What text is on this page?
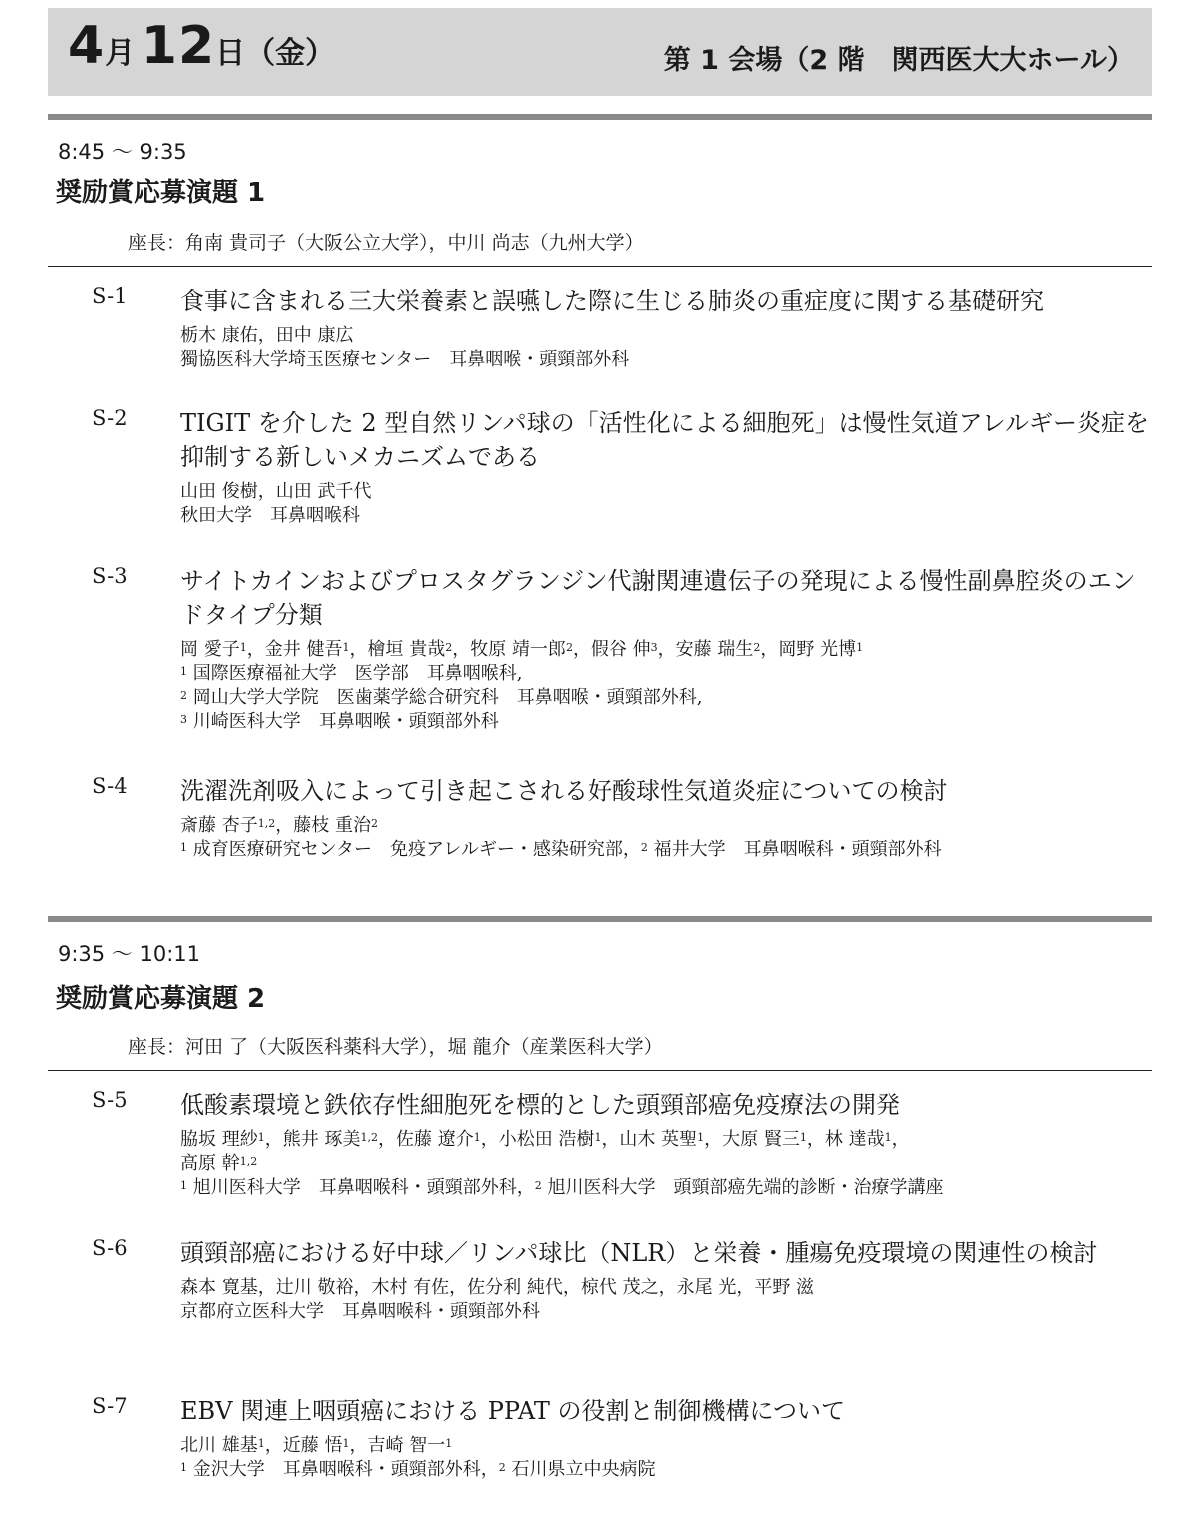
4月 12日（金）	第 1 会場（2 階　関西医大大ホール）
8:45 ～ 9:35
奨励賞応募演題 1
座長：角南 貴司子（大阪公立大学），中川 尚志（九州大学）
S-1 食事に含まれる三大栄養素と誤嚥した際に生じる肺炎の重症度に関する基礎研究

栃木 康佑，田中 康広
獨協医科大学埼玉医療センター　耳鼻咽喉・頭頸部外科
S-2 TIGIT を介した 2 型自然リンパ球の「活性化による細胞死」は慢性気道アレルギー炎症を抑制する新しいメカニズムである

山田 俊樹，山田 武千代
秋田大学　耳鼻咽喉科
S-3 サイトカインおよびプロスタグランジン代謝関連遺伝子の発現による慢性副鼻腔炎のエンドタイプ分類

岡 愛子$^1$，金井 健吾$^1$，檜垣 貴哉$^2$，牧原 靖一郎$^2$，假谷 伸$^3$，安藤 瑞生$^2$，岡野 光博$^1$
$^1$ 国際医療福祉大学　医学部　耳鼻咽喉科,
$^2$ 岡山大学大学院　医歯薬学総合研究科　耳鼻咽喉・頭頸部外科,
$^3$ 川崎医科大学　耳鼻咽喉・頭頸部外科
S-4 洗濯洗剤吸入によって引き起こされる好酸球性気道炎症についての検討

斎藤 杏子$^{1,2}$，藤枝 重治$^2$
$^1$ 成育医療研究センター　免疫アレルギー・感染研究部，$^2$ 福井大学　耳鼻咽喉科・頭頸部外科
9:35 ～ 10:11
奨励賞応募演題 2
座長：河田 了（大阪医科薬科大学），堀 龍介（産業医科大学）
S-5 低酸素環境と鉄依存性細胞死を標的とした頭頸部癌免疫療法の開発

脇坂 理紗$^1$，熊井 琢美$^{1,2}$，佐藤 遼介$^1$，小松田 浩樹$^1$，山木 英聖$^1$，大原 賢三$^1$，林 達哉$^1$，
高原 幹$^{1,2}$
$^1$ 旭川医科大学　耳鼻咽喉科・頭頸部外科，$^2$ 旭川医科大学　頭頸部癌先端的診断・治療学講座
S-6 頭頸部癌における好中球／リンパ球比（NLR）と栄養・腫瘍免疫環境の関連性の検討

森本 寛基，辻川 敬裕，木村 有佐，佐分利 純代，椋代 茂之，永尾 光，平野 滋
京都府立医科大学　耳鼻咽喉科・頭頸部外科
S-7 EBV 関連上咽頭癌における PPAT の役割と制御機構について

北川 雄基$^1$，近藤 悟$^1$，吉崎 智一$^1$
$^1$ 金沢大学　耳鼻咽喉科・頭頸部外科，$^2$ 石川県立中央病院
